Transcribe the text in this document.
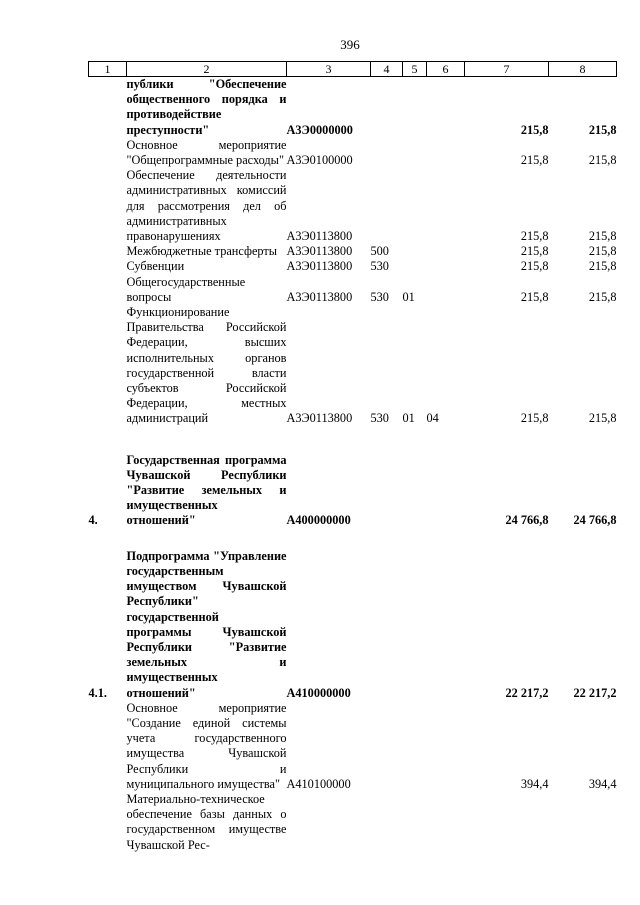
396
1	2	3	4	5	6	7	8
	публики "Обеспечение общественного порядка и противодействие преступности"	А3Э0000000				215,8	215,8
	Основное мероприятие "Общепрограммные расходы"	А3Э0100000				215,8	215,8
	Обеспечение деятельности административных комиссий для рассмотрения дел об административных правонарушениях	А3Э0113800				215,8	215,8
	Межбюджетные трансферты	А3Э0113800	500			215,8	215,8
	Субвенции	А3Э0113800	530			215,8	215,8
	Общегосударственные вопросы	А3Э0113800	530	01		215,8	215,8
	Функционирование Правительства Российской Федерации, высших исполнительных органов государственной власти субъектов Российской Федерации, местных администраций	А3Э0113800	530	01	04	215,8	215,8

4.	Государственная программа Чувашской Республики "Развитие земельных и имущественных отношений"	А400000000				24 766,8	24 766,8

4.1.	Подпрограмма "Управление государственным имуществом Чувашской Республики" государственной программы Чувашской Республики "Развитие земельных и имущественных отношений"	А410000000				22 217,2	22 217,2
	Основное мероприятие "Создание единой системы учета государственного имущества Чувашской Республики и муниципального имущества"	А410100000				394,4	394,4
	Материально-техническое обеспечение базы данных о государственном имуществе Чувашской Рес-						
